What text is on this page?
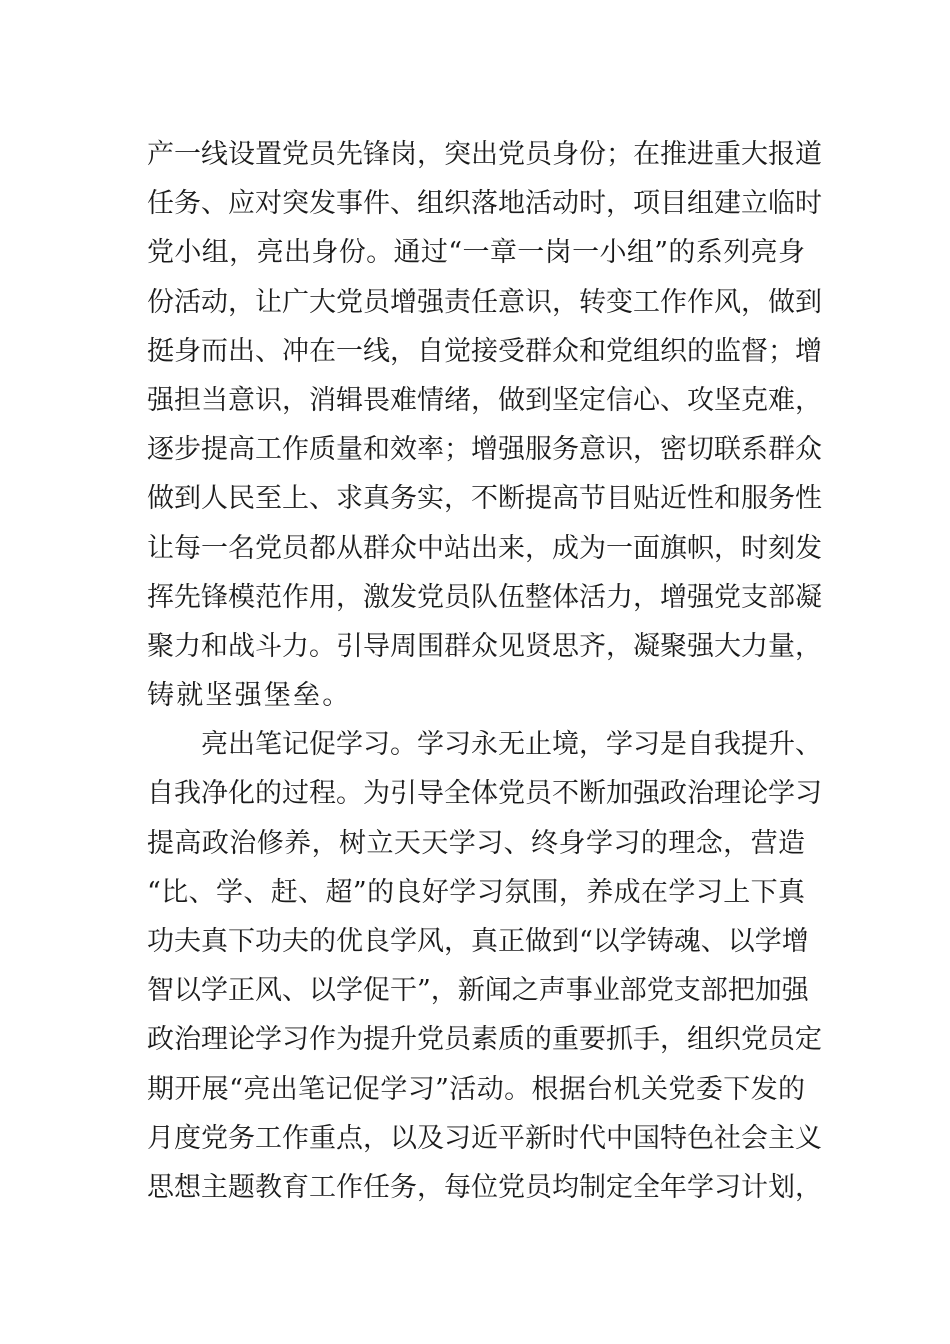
产一线设置党员先锋岗，突出党员身份；在推进重大报道
任务、应对突发事件、组织落地活动时，项目组建立临时
党小组，亮出身份。通过“一章一岗一小组”的系列亮身
份活动，让广大党员增强责任意识，转变工作作风，做到
挺身而出、冲在一线，自觉接受群众和党组织的监督；增
强担当意识，消辑畏难情绪，做到坚定信心、攻坚克难，
逐步提高工作质量和效率；增强服务意识，密切联系群众
做到人民至上、求真务实，不断提高节目贴近性和服务性
让每一名党员都从群众中站出来，成为一面旗帜，时刻发
挥先锋模范作用，激发党员队伍整体活力，增强党支部凝
聚力和战斗力。引导周围群众见贤思齐，凝聚强大力量，
铸就坚强堡垒。
亮出笔记促学习。学习永无止境，学习是自我提升、
自我净化的过程。为引导全体党员不断加强政治理论学习
提高政治修养，树立天天学习、终身学习的理念，营造
“比、学、赶、超”的良好学习氛围，养成在学习上下真
功夫真下功夫的优良学风，真正做到“以学铸魂、以学增
智以学正风、以学促干”，新闻之声事业部党支部把加强
政治理论学习作为提升党员素质的重要抓手，组织党员定
期开展“亮出笔记促学习”活动。根据台机关党委下发的
月度党务工作重点，以及习近平新时代中国特色社会主义
思想主题教育工作任务，每位党员均制定全年学习计划，
